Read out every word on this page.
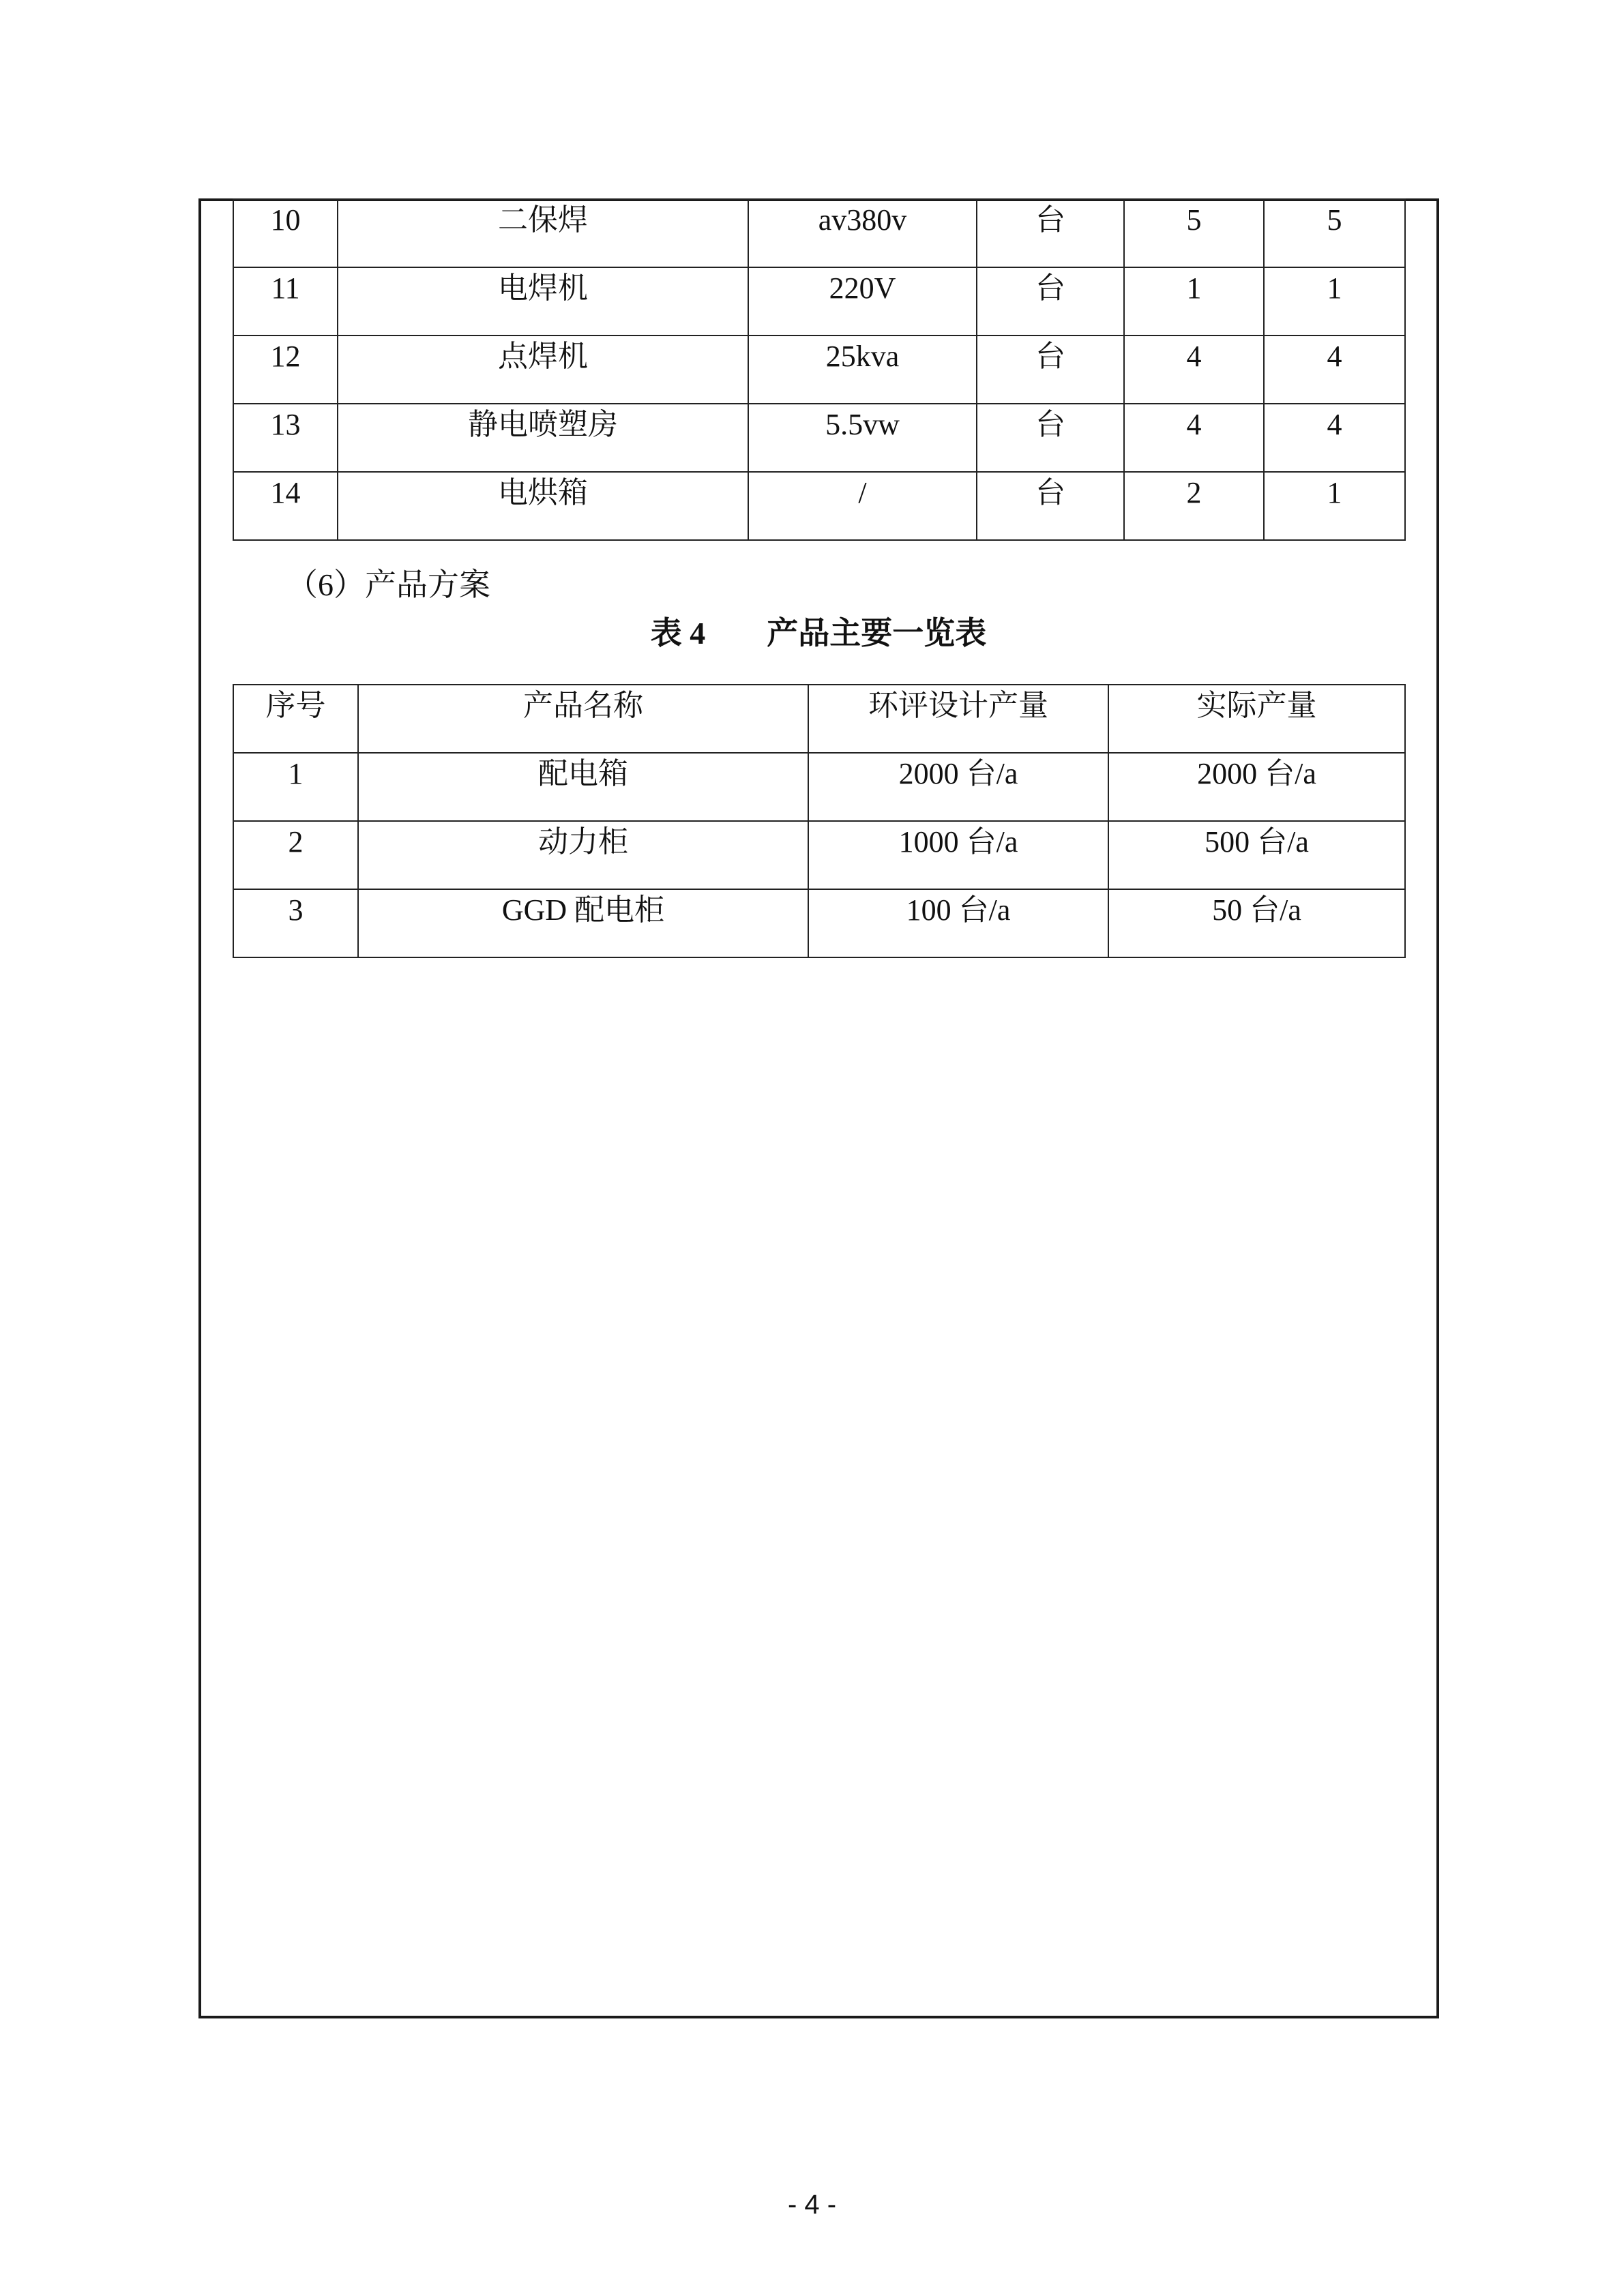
10	二保焊	av380v	台	5	5
11	电焊机	220V	台	1	1
12	点焊机	25kva	台	4	4
13	静电喷塑房	5.5vw	台	4	4
14	电烘箱	/	台	2	1
（6）产品方案
表 4 产品主要一览表
序号	产品名称	环评设计产量	实际产量
1	配电箱	2000 台/a	2000 台/a
2	动力柜	1000 台/a	500 台/a
3	GGD 配电柜	100 台/a	50 台/a
- 4 -
